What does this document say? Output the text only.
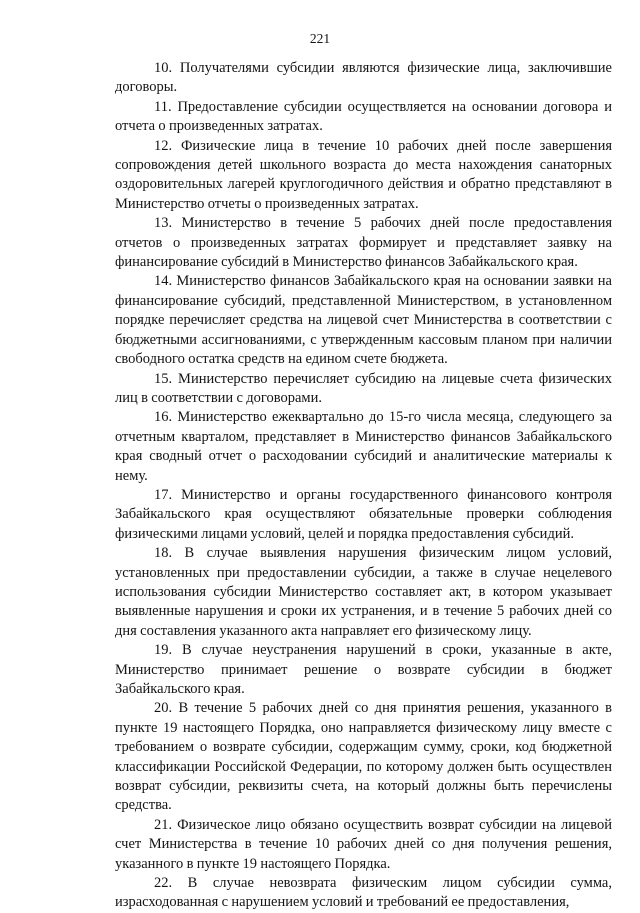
221

10. Получателями субсидии являются физические лица, заключившие договоры.

11. Предоставление субсидии осуществляется на основании договора и отчета о произведенных затратах.

12. Физические лица в течение 10 рабочих дней после завершения сопровождения детей школьного возраста до места нахождения санаторных оздоровительных лагерей круглогодичного действия и обратно представляют в Министерство отчеты о произведенных затратах.

13. Министерство в течение 5 рабочих дней после предоставления отчетов о произведенных затратах формирует и представляет заявку на финансирование субсидий в Министерство финансов Забайкальского края.

14. Министерство финансов Забайкальского края на основании заявки на финансирование субсидий, представленной Министерством, в установленном порядке перечисляет средства на лицевой счет Министерства в соответствии с бюджетными ассигнованиями, с утвержденным кассовым планом при наличии свободного остатка средств на едином счете бюджета.

15. Министерство перечисляет субсидию на лицевые счета физических лиц в соответствии с договорами.

16. Министерство ежеквартально до 15-го числа месяца, следующего за отчетным кварталом, представляет в Министерство финансов Забайкальского края сводный отчет о расходовании субсидий и аналитические материалы к нему.

17. Министерство и органы государственного финансового контроля Забайкальского края осуществляют обязательные проверки соблюдения физическими лицами условий, целей и порядка предоставления субсидий.

18. В случае выявления нарушения физическим лицом условий, установленных при предоставлении субсидии, а также в случае нецелевого использования субсидии Министерство составляет акт, в котором указывает выявленные нарушения и сроки их устранения, и в течение 5 рабочих дней со дня составления указанного акта направляет его физическому лицу.

19. В случае неустранения нарушений в сроки, указанные в акте, Министерство принимает решение о возврате субсидии в бюджет Забайкальского края.

20. В течение 5 рабочих дней со дня принятия решения, указанного в пункте 19 настоящего Порядка, оно направляется физическому лицу вместе с требованием о возврате субсидии, содержащим сумму, сроки, код бюджетной классификации Российской Федерации, по которому должен быть осуществлен возврат субсидии, реквизиты счета, на который должны быть перечислены средства.

21. Физическое лицо обязано осуществить возврат субсидии на лицевой счет Министерства в течение 10 рабочих дней со дня получения решения, указанного в пункте 19 настоящего Порядка.

22. В случае невозврата физическим лицом субсидии сумма, израсходованная с нарушением условий и требований ее предоставления,
